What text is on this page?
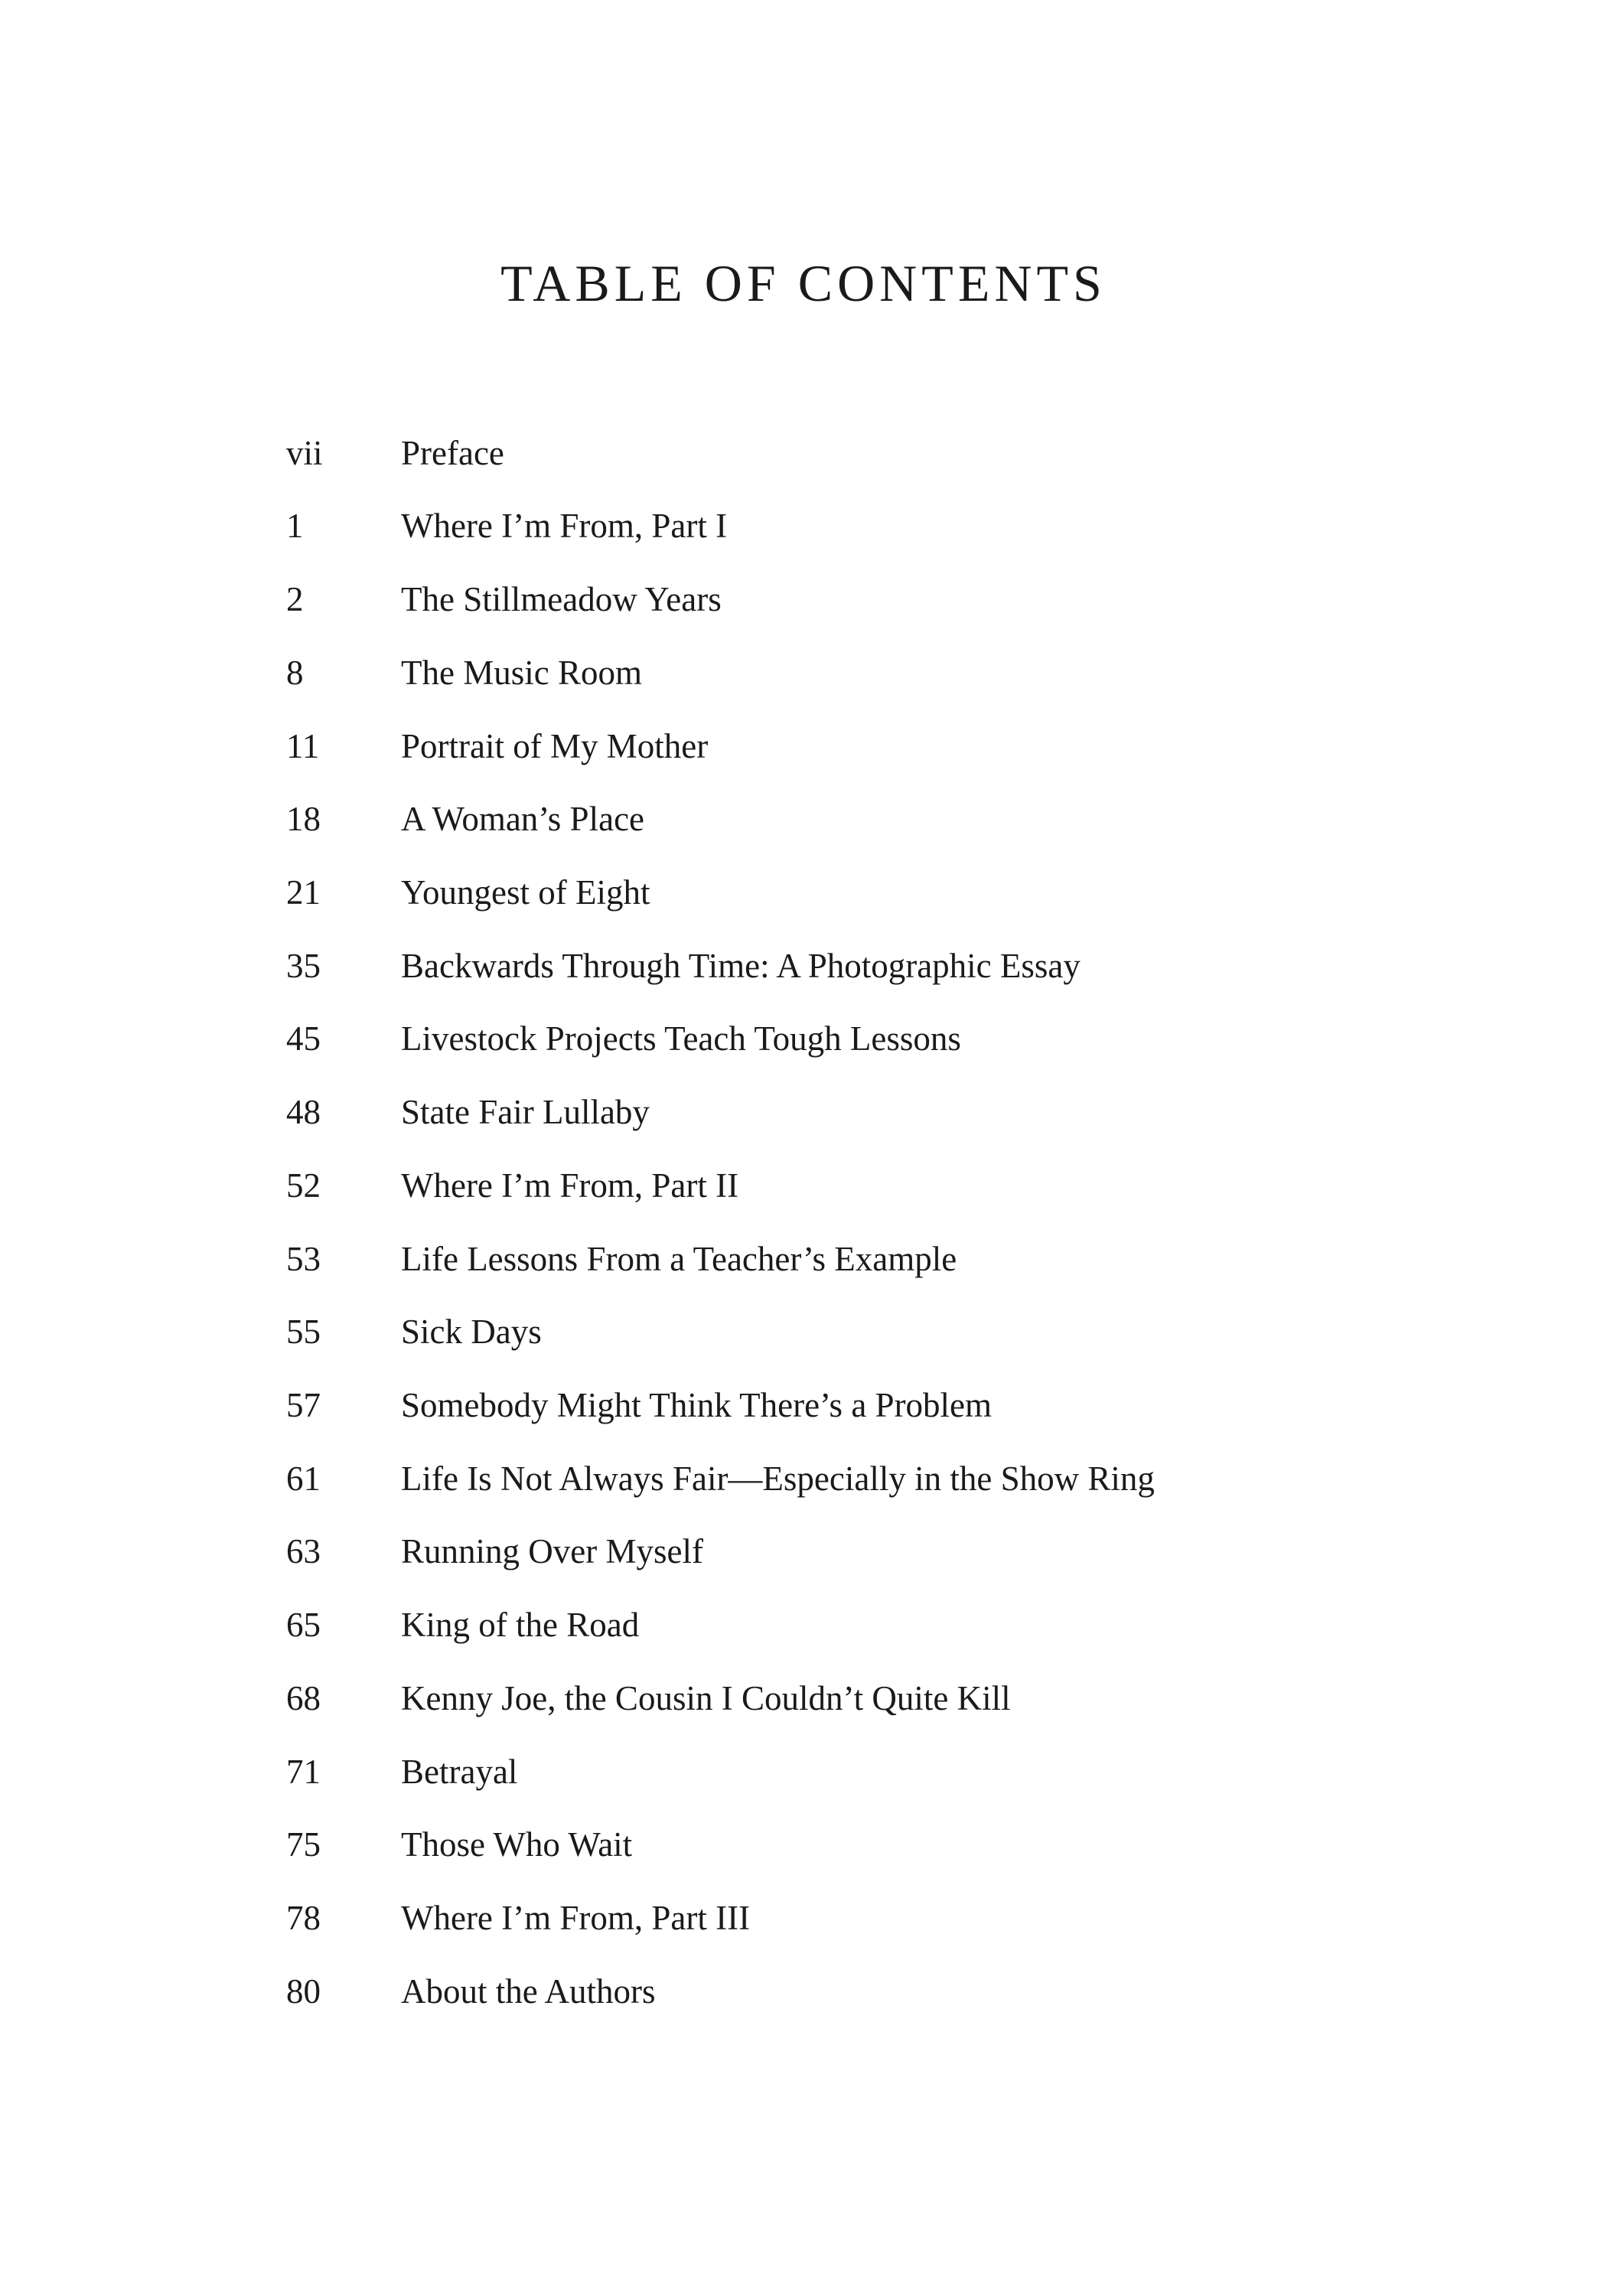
TABLE OF CONTENTS
vii Preface
1	Where I’m From, Part I
2	The Stillmeadow Years
8	The Music Room
11 Portrait of My Mother
18 A Woman’s Place
21 Youngest of Eight
35 Backwards Through Time: A Photographic Essay
45 Livestock Projects Teach Tough Lessons
48 State Fair Lullaby
52 Where I’m From, Part II
53 Life Lessons From a Teacher’s Example
55 Sick Days
57 Somebody Might Think There’s a Problem
61 Life Is Not Always Fair—Especially in the Show Ring
63 Running Over Myself
65 King of the Road
68 Kenny Joe, the Cousin I Couldn’t Quite Kill
71 Betrayal
75 Those Who Wait
78 Where I’m From, Part III
80 About the Authors
